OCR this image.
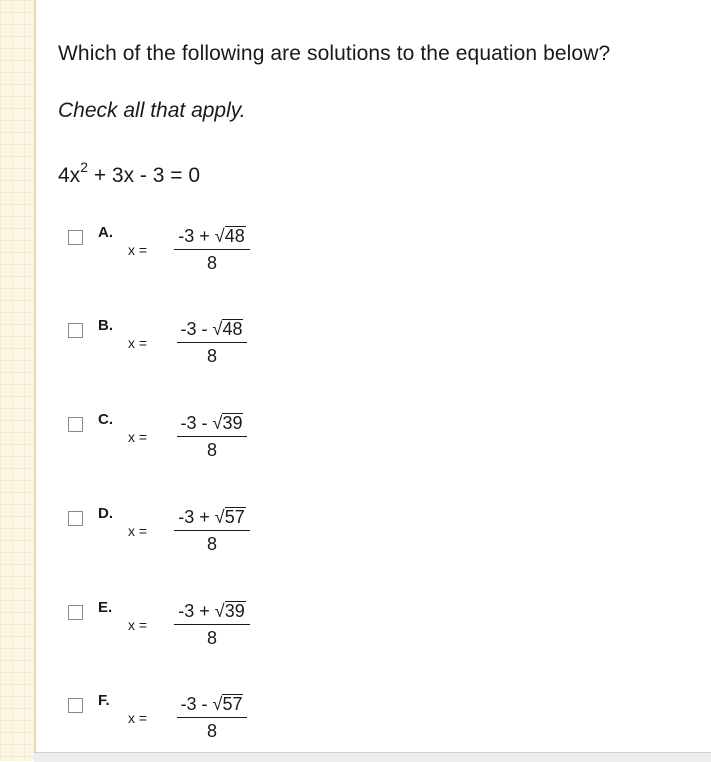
Which of the following are solutions to the equation below?
Check all that apply.
$4x^2 + 3x - 3 = 0$
A.
$x = \frac{-3 + √48}{8}$
B.
$x = \frac{-3 - √48}{8}$
C.
$x = \frac{-3 - √39}{8}$
D.
$x = \frac{-3 + √57}{8}$
E.
$x = \frac{-3 + √39}{8}$
F.
$x = \frac{-3 - √57}{8}$
